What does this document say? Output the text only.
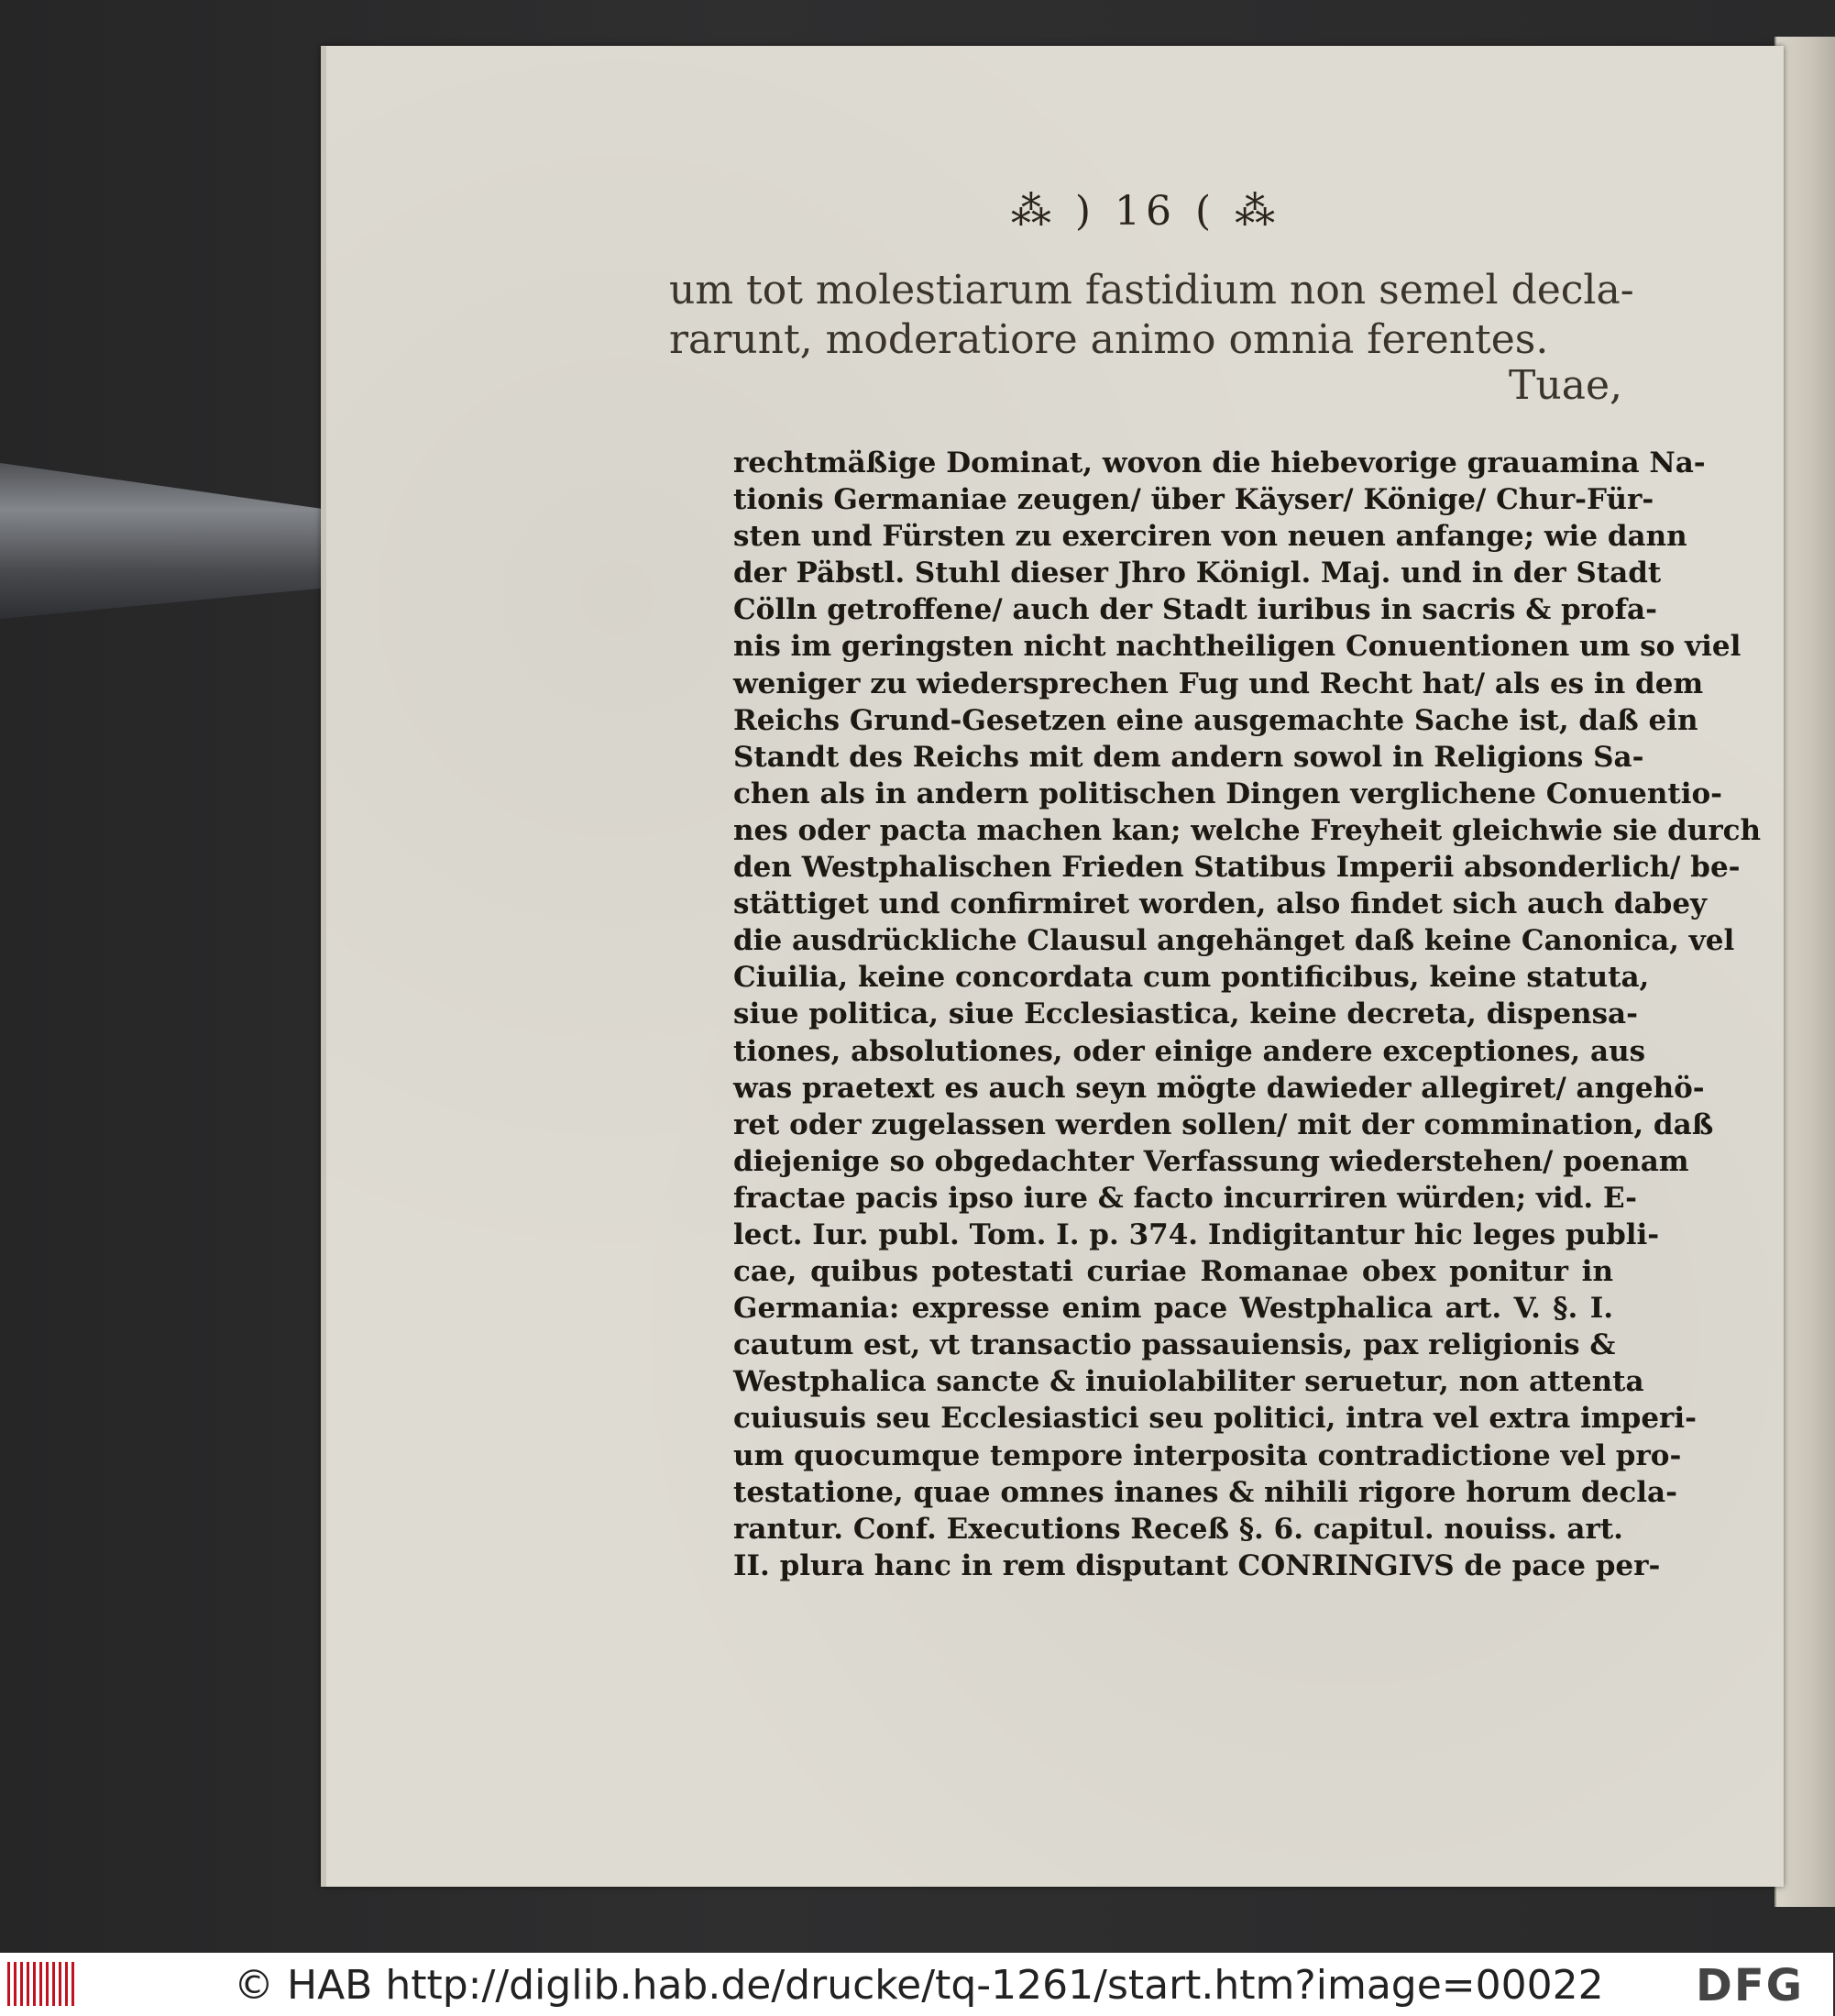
⁂ ) 16 ( ⁂
um tot molestiarum fastidium non semel decla-
rarunt, moderatiore animo omnia ferentes.
Tuae,
rechtmäßige Dominat, wovon die hiebevorige grauamina Na-
tionis Germaniae zeugen/ über Käyser/ Könige/ Chur-Für-
sten und Fürsten zu exerciren von neuen anfange; wie dann
der Päbstl. Stuhl dieser Jhro Königl. Maj. und in der Stadt
Cölln getroffene/ auch der Stadt iuribus in sacris & profa-
nis im geringsten nicht nachtheiligen Conuentionen um so viel
weniger zu wiedersprechen Fug und Recht hat/ als es in dem
Reichs Grund-Gesetzen eine ausgemachte Sache ist, daß ein
Standt des Reichs mit dem andern sowol in Religions Sa-
chen als in andern politischen Dingen verglichene Conuentio-
nes oder pacta machen kan; welche Freyheit gleichwie sie durch
den Westphalischen Frieden Statibus Imperii absonderlich/ be-
stättiget und confirmiret worden, also findet sich auch dabey
die ausdrückliche Clausul angehänget daß keine Canonica, vel
Ciuilia, keine concordata cum pontificibus, keine statuta,
siue politica, siue Ecclesiastica, keine decreta, dispensa-
tiones, absolutiones, oder einige andere exceptiones, aus
was praetext es auch seyn mögte dawieder allegiret/ angehö-
ret oder zugelassen werden sollen/ mit der commination, daß
diejenige so obgedachter Verfassung wiederstehen/ poenam
fractae pacis ipso iure & facto incurriren würden; vid. E-
lect. Iur. publ. Tom. I. p. 374. Indigitantur hic leges publi-
cae, quibus potestati curiae Romanae obex ponitur in
Germania: expresse enim pace Westphalica art. V. §. I.
cautum est, vt transactio passauiensis, pax religionis &
Westphalica sancte & inuiolabiliter seruetur, non attenta
cuiusuis seu Ecclesiastici seu politici, intra vel extra imperi-
um quocumque tempore interposita contradictione vel pro-
testatione, quae omnes inanes & nihili rigore horum decla-
rantur. Conf. Executions Receß §. 6. capitul. nouiss. art.
II. plura hanc in rem disputant CONRINGIVS de pace per-
© HAB http://diglib.hab.de/drucke/tq-1261/start.htm?image=00022 DFG
